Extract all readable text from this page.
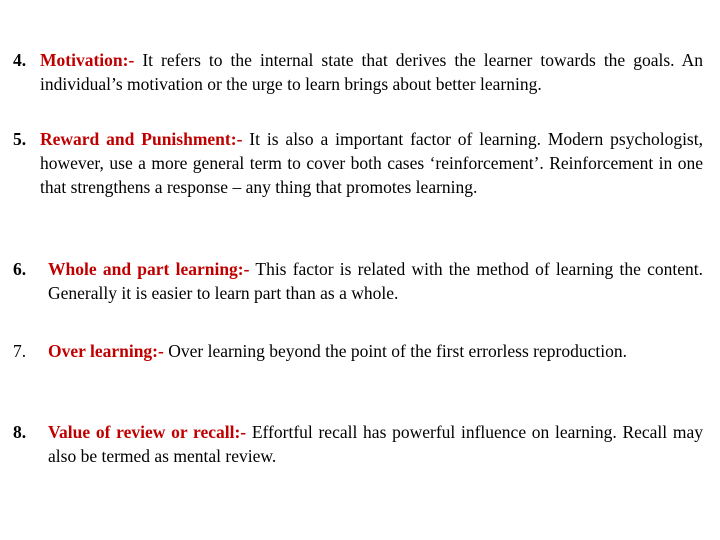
4. Motivation:- It refers to the internal state that derives the learner towards the goals. An individual’s motivation or the urge to learn brings about better learning.
5. Reward and Punishment:- It is also a important factor of learning. Modern psychologist, however, use a more general term to cover both cases ‘reinforcement’. Reinforcement in one that strengthens a response – any thing that promotes learning.
6. Whole and part learning:- This factor is related with the method of learning the content. Generally it is easier to learn part than as a whole.
7. Over learning:- Over learning beyond the point of the first errorless reproduction.
8. Value of review or recall:- Effortful recall has powerful influence on learning. Recall may also be termed as mental review.
